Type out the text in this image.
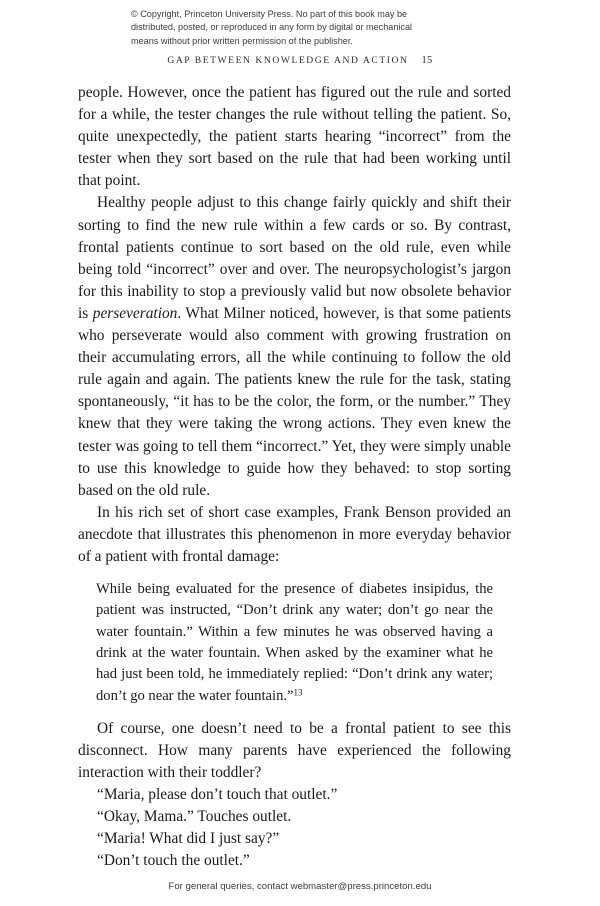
© Copyright, Princeton University Press. No part of this book may be
distributed, posted, or reproduced in any form by digital or mechanical
means without prior written permission of the publisher.
GAP BETWEEN KNOWLEDGE AND ACTION 15

people. However, once the patient has figured out the rule and sorted for a while, the tester changes the rule without telling the patient. So, quite unexpectedly, the patient starts hearing “incorrect” from the tester when they sort based on the rule that had been working until that point.

Healthy people adjust to this change fairly quickly and shift their sorting to find the new rule within a few cards or so. By contrast, frontal patients continue to sort based on the old rule, even while being told “incorrect” over and over. The neuropsychologist’s jargon for this inability to stop a previously valid but now obsolete behavior is perseveration. What Milner noticed, however, is that some patients who perseverate would also comment with growing frustration on their accumulating errors, all the while continuing to follow the old rule again and again. The patients knew the rule for the task, stating spontaneously, “it has to be the color, the form, or the number.” They knew that they were taking the wrong actions. They even knew the tester was going to tell them “incorrect.” Yet, they were simply unable to use this knowledge to guide how they behaved: to stop sorting based on the old rule.

In his rich set of short case examples, Frank Benson provided an anecdote that illustrates this phenomenon in more everyday behavior of a patient with frontal damage:

While being evaluated for the presence of diabetes insipidus, the patient was instructed, “Don’t drink any water; don’t go near the water fountain.” Within a few minutes he was observed having a drink at the water fountain. When asked by the examiner what he had just been told, he immediately replied: “Don’t drink any water; don’t go near the water fountain.”$^{13}$

Of course, one doesn’t need to be a frontal patient to see this disconnect. How many parents have experienced the following interaction with their toddler?

“Maria, please don’t touch that outlet.”

“Okay, Mama.” Touches outlet.

“Maria! What did I just say?”

“Don’t touch the outlet.”

For general queries, contact webmaster@press.princeton.edu
